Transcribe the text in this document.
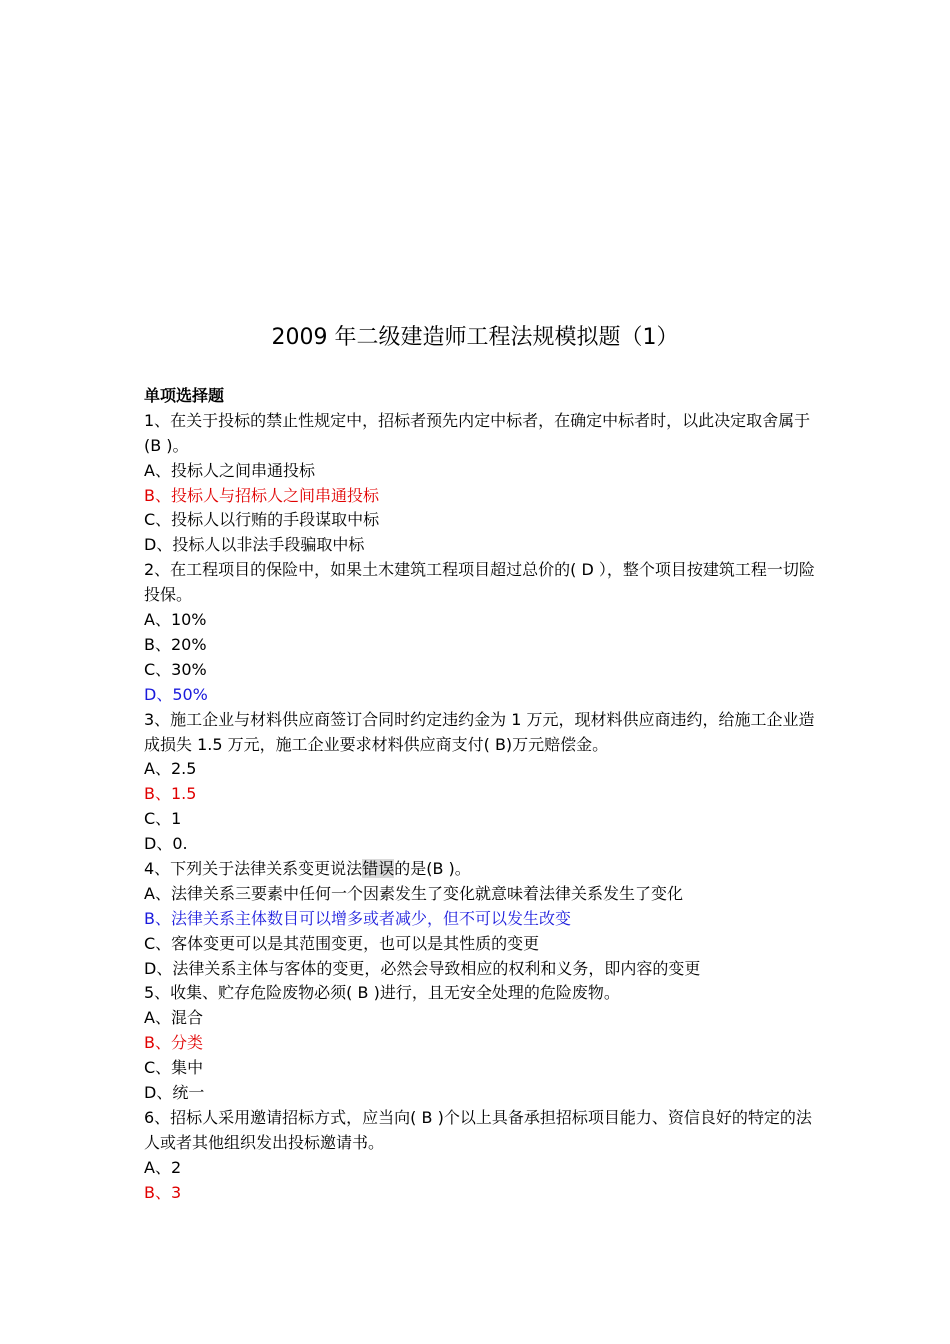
2009 年二级建造师工程法规模拟题（1）
单项选择题
1、在关于投标的禁止性规定中，招标者预先内定中标者，在确定中标者时，以此决定取舍属于(B )。
A、投标人之间串通投标
B、投标人与招标人之间串通投标
C、投标人以行贿的手段谋取中标
D、投标人以非法手段骗取中标
2、在工程项目的保险中，如果土木建筑工程项目超过总价的( D ），整个项目按建筑工程一切险投保。
A、10%
B、20%
C、30%
D、50%
3、施工企业与材料供应商签订合同时约定违约金为 1 万元，现材料供应商违约，给施工企业造成损失 1.5 万元，施工企业要求材料供应商支付( B)万元赔偿金。
A、2.5
B、1.5
C、1
D、0.
4、下列关于法律关系变更说法错误的是(B )。
A、法律关系三要素中任何一个因素发生了变化就意味着法律关系发生了变化
B、法律关系主体数目可以增多或者减少，但不可以发生改变
C、客体变更可以是其范围变更，也可以是其性质的变更
D、法律关系主体与客体的变更，必然会导致相应的权利和义务，即内容的变更
5、收集、贮存危险废物必须( B )进行，且无安全处理的危险废物。
A、混合
B、分类
C、集中
D、统一
6、招标人采用邀请招标方式，应当向( B )个以上具备承担招标项目能力、资信良好的特定的法人或者其他组织发出投标邀请书。
A、2
B、3
